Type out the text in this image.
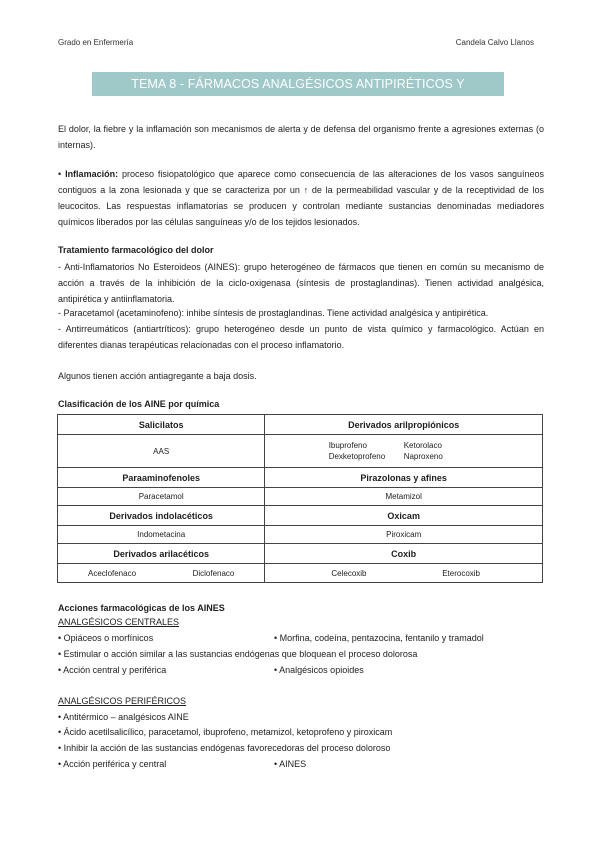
Grado en Enfermería	Candela Calvo Llanos
TEMA 8 - FÁRMACOS ANALGÉSICOS ANTIPIRÉTICOS Y ANTIINFLAMATORIOS
El dolor, la fiebre y la inflamación son mecanismos de alerta y de defensa del organismo frente a agresiones externas (o internas).
• Inflamación: proceso fisiopatológico que aparece como consecuencia de las alteraciones de los vasos sanguíneos contiguos a la zona lesionada y que se caracteriza por un ↑ de la permeabilidad vascular y de la receptividad de los leucocitos. Las respuestas inflamatorias se producen y controlan mediante sustancias denominadas mediadores químicos liberados por las células sanguíneas y/o de los tejidos lesionados.
Tratamiento farmacológico del dolor
- Anti-Inflamatorios No Esteroideos (AINES): grupo heterogéneo de fármacos que tienen en común su mecanismo de acción a través de la inhibición de la ciclo-oxigenasa (síntesis de prostaglandinas). Tienen actividad analgésica, antipirética y antiinflamatoria.
- Paracetamol (acetaminofeno): inhibe síntesis de prostaglandinas. Tiene actividad analgésica y antipirética.
- Antirreumáticos (antiartríticos): grupo heterogéneo desde un punto de vista químico y farmacológico. Actúan en diferentes dianas terapéuticas relacionadas con el proceso inflamatorio.
Algunos tienen acción antiagregante a baja dosis.
Clasificación de los AINE por química
Salicilatos	Derivados arilpropiónicos
AAS	Ibuprofeno Ketorolaco
Dexketoprofeno Naproxeno

Paraaminofenoles	Pirazolonas y afines
Paracetamol	Metamizol
Derivados indolacéticos	Oxicam
Indometacina	Piroxicam
Derivados arilacéticos	Coxib

Aceclofenaco Diclofenaco	Celecoxib Eterocoxib
Acciones farmacológicas de los AINES
ANALGÉSICOS CENTRALES
• Opiáceos o morfínicos	• Morfina, codeína, pentazocina, fentanilo y tramadol
• Estimular o acción similar a las sustancias endógenas que bloquean el proceso dolorosa
• Acción central y periférica	• Analgésicos opioides
ANALGÉSICOS PERIFÉRICOS
• Antitérmico – analgésicos AINE
• Ácido acetilsalicílico, paracetamol, ibuprofeno, metamizol, ketoprofeno y piroxicam
• Inhibir la acción de las sustancias endógenas favorecedoras del proceso doloroso
• Acción periférica y central	• AINES
